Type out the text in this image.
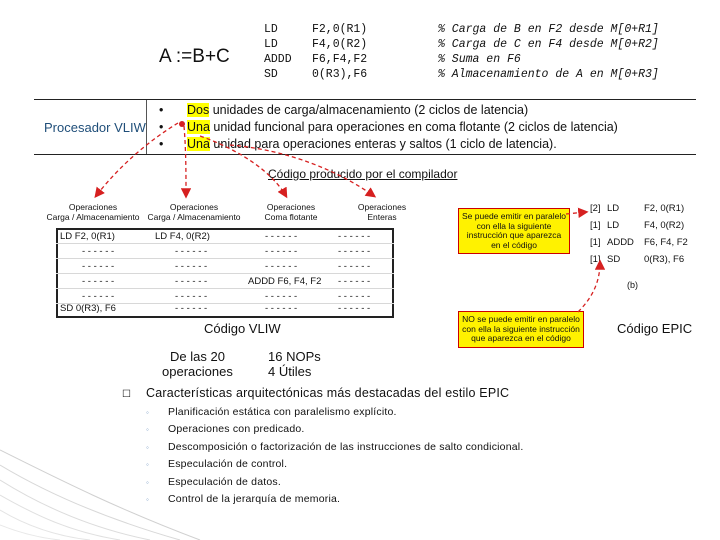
A :=B+C
LD	F2,0(R1)	% Carga de B en F2 desde M[0+R1]
LD	F4,0(R2)	% Carga de C en F4 desde M[0+R2]
ADDD F6,F4,F2	% Suma en F6
SD	0(R3),F6	% Almacenamiento de A en M[0+R3]
Procesador VLIW
• Dos unidades de carga/almacenamiento (2 ciclos de latencia)
• Una unidad funcional para operaciones en coma flotante (2 ciclos de latencia)
• Una unidad para operaciones enteras y saltos (1 ciclo de latencia).
Código producido por el compilador
Operaciones
Carga / Almacenamiento
Operaciones
Carga / Almacenamiento
Operaciones
Coma flotante
Operaciones
Enteras
LD F2, 0(R1)	LD F4, 0(R2)	- - - - - -	- - - - - -
- - - - - -	- - - - - -	- - - - - -	- - - - - -
- - - - - -	- - - - - -	- - - - - -	- - - - - -
- - - - - -	- - - - - -	ADDD F6, F4, F2 - - - - - -
- - - - - -	- - - - - -	- - - - - -	- - - - - -
SD 0(R3), F6	- - - - - -	- - - - - -	- - - - - -
Código VLIW
De las 20
operaciones
16 NOPs
4 Útiles
Se puede emitir en paralelo con ella la siguiente instrucción que aparezca en el código
NO se puede emitir en paralelo con ella la siguiente instrucción que aparezca en el código
[2] LD	F2, 0(R1)
[1] LD	F4, 0(R2)
[1] ADDD F6, F4, F2
[1] SD	0(R3), F6
(b)
Código EPIC
☐ Características arquitectónicas más destacadas del estilo EPIC
◦ Planificación estática con paralelismo explícito.
◦ Operaciones con predicado.
◦ Descomposición o factorización de las instrucciones de salto condicional.
◦ Especulación de control.
◦ Especulación de datos.
◦ Control de la jerarquía de memoria.
